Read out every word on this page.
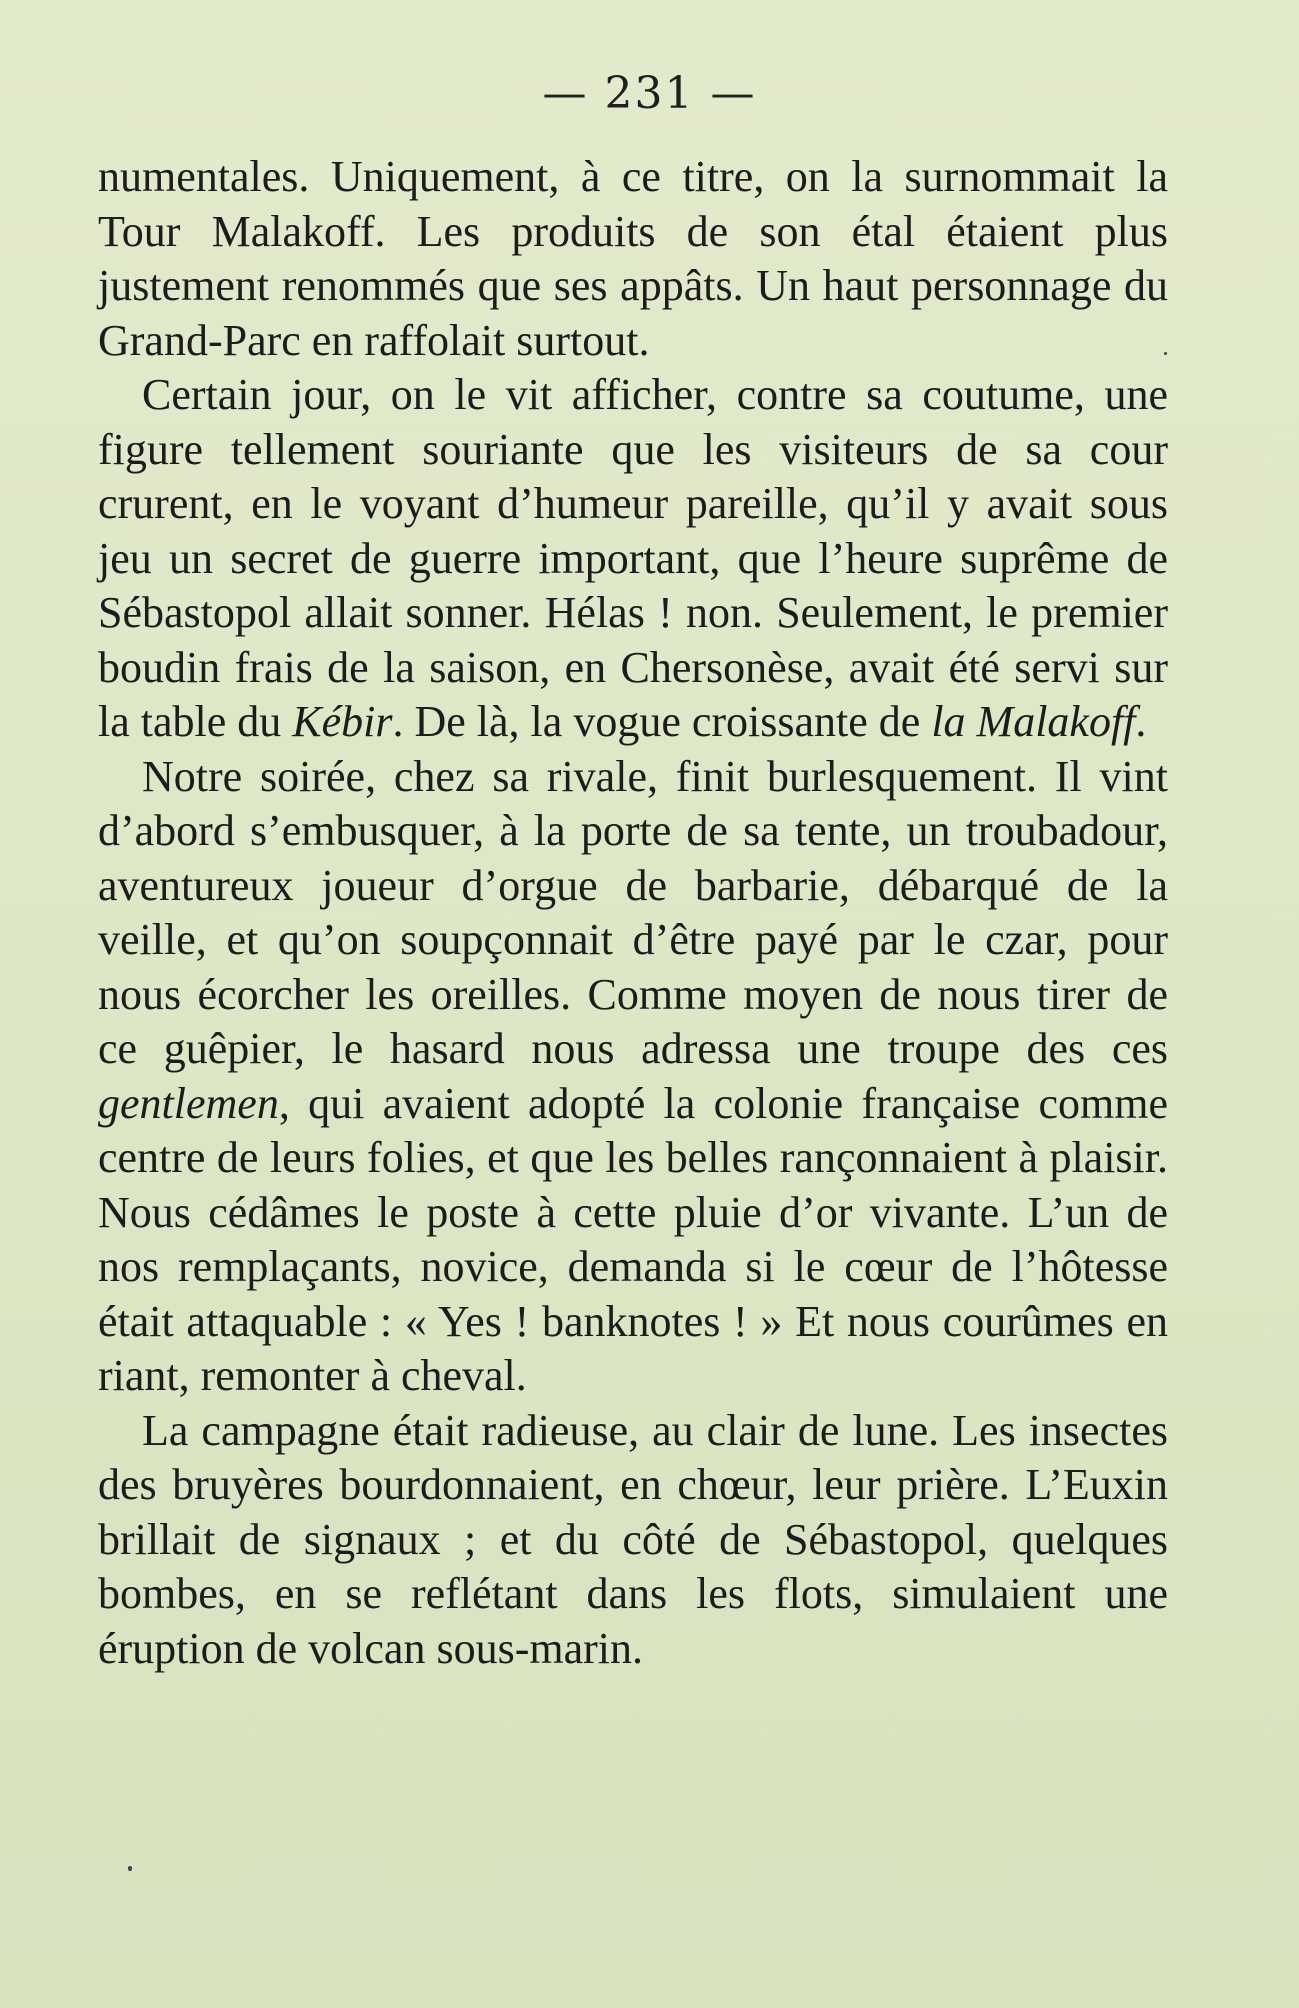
— 231 —

numentales. Uniquement, à ce titre, on la surnommait la Tour Malakoff. Les produits de son étal étaient plus justement renommés que ses appâts. Un haut personnage du Grand-Parc en raffolait surtout.

Certain jour, on le vit afficher, contre sa coutume, une figure tellement souriante que les visiteurs de sa cour crurent, en le voyant d’humeur pareille, qu’il y avait sous jeu un secret de guerre important, que l’heure suprême de Sébastopol allait sonner. Hélas ! non. Seulement, le premier boudin frais de la saison, en Chersonèse, avait été servi sur la table du Kébir. De là, la vogue croissante de la Malakoff.

Notre soirée, chez sa rivale, finit burlesquement. Il vint d’abord s’embusquer, à la porte de sa tente, un troubadour, aventureux joueur d’orgue de barbarie, débarqué de la veille, et qu’on soupçonnait d’être payé par le czar, pour nous écorcher les oreilles. Comme moyen de nous tirer de ce guêpier, le hasard nous adressa une troupe des ces gentlemen, qui avaient adopté la colonie française comme centre de leurs folies, et que les belles rançonnaient à plaisir. Nous cédâmes le poste à cette pluie d’or vivante. L’un de nos remplaçants, novice, demanda si le cœur de l’hôtesse était attaquable : « Yes ! banknotes ! » Et nous courûmes en riant, remonter à cheval.

La campagne était radieuse, au clair de lune. Les insectes des bruyères bourdonnaient, en chœur, leur prière. L’Euxin brillait de signaux ; et du côté de Sébastopol, quelques bombes, en se reflétant dans les flots, simulaient une éruption de volcan sous-marin.
